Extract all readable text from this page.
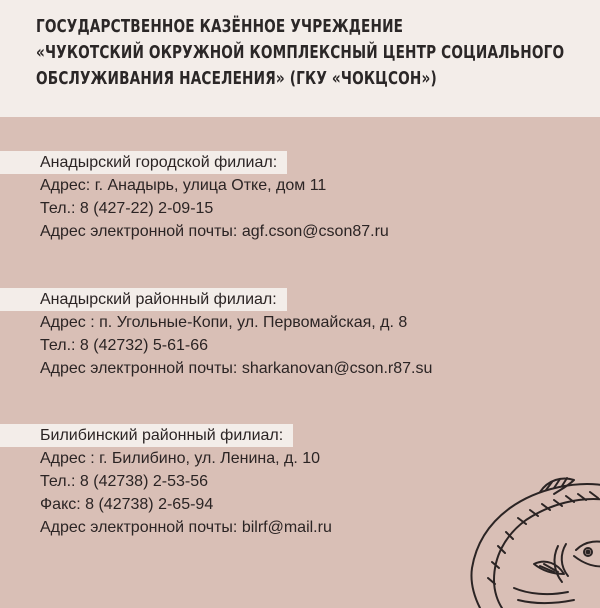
ГОСУДАРСТВЕННОЕ КАЗЁННОЕ УЧРЕЖДЕНИЕ
«ЧУКОТСКИЙ ОКРУЖНОЙ КОМПЛЕКСНЫЙ ЦЕНТР СОЦИАЛЬНОГО
ОБСЛУЖИВАНИЯ НАСЕЛЕНИЯ» (ГКУ «ЧОКЦСОН»)
Анадырский городской филиал:
Адрес: г. Анадырь, улица Отке, дом 11
Тел.: 8 (427-22) 2-09-15
Адрес электронной почты: agf.cson@cson87.ru
Анадырский районный филиал:
Адрес : п. Угольные-Копи, ул. Первомайская, д. 8
Тел.: 8 (42732) 5-61-66
Адрес электронной почты: sharkanovan@cson.r87.su
Билибинский районный филиал:
Адрес : г. Билибино, ул. Ленина, д. 10
Тел.: 8 (42738) 2-53-56
Факс: 8 (42738) 2-65-94
Адрес электронной почты: bilrf@mail.ru
